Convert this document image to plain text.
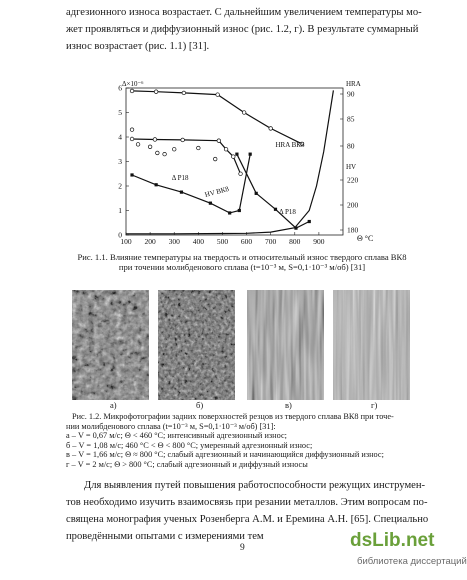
адгезионного износа возрастает. С дальнейшим увеличением температуры мо-
жет проявляться и диффузионный износ (рис. 1.2, г). В результате суммарный
износ возрастает (рис. 1.1) [31].
100 200 300 400 500 600 700 800 900	Θ °C
0
1
2
3
4
5
6 Δ×10⁻⁶
90
85
80
HRA
220
200
180
HV
HRA ВК8
Δ Р18
HV ВК8
Δ Р18
Рис. 1.1. Влияние температуры на твердость и относительный износ твердого сплава ВК8
при точении молибденового сплава (t=10⁻³ м, S=0,1·10⁻³ м/об) [31]
а)	б)	в)	г)
Рис. 1.2. Микрофотографии задних поверхностей резцов из твердого сплава ВК8 при точе-
нии молибденового сплава (t=10⁻³ м, S=0,1·10⁻³ м/об) [31]:
а – V = 0,67 м/с; Θ < 460 °С; интенсивный адгезионный износ;
б – V = 1,08 м/с; 460 °С < Θ < 800 °С; умеренный адгезионный износ;
в – V = 1,66 м/с; Θ ≈ 800 °С; слабый адгезионный и начинающийся диффузионный износ;
г – V = 2 м/с; Θ > 800 °С; слабый адгезионный и диффузный износы
Для выявления путей повышения работоспособности режущих инструмен-
тов необходимо изучить взаимосвязь при резании металлов. Этим вопросам по-
священа монография ученых Розенберга А.М. и Еремина А.Н. [65]. Специально
проведёнными опытами с измерениями тем
9	dsLib.net
библиотека диссертаций
